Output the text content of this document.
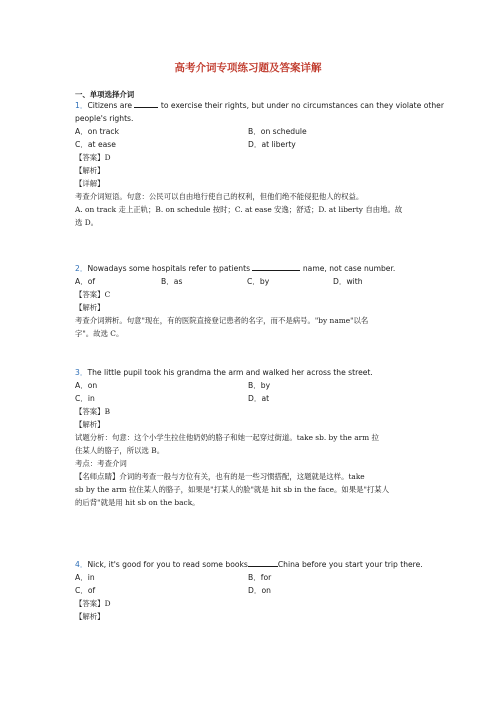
高考介词专项练习题及答案详解
一、单项选择介词
1．Citizens are	to exercise their rights, but under no circumstances can they violate other
people's rights.
A．on track	B．on schedule
C．at ease	D．at liberty
【答案】D
【解析】
【详解】
考查介词短语。句意：公民可以自由地行使自己的权利，但他们绝不能侵犯他人的权益。
A. on track 走上正轨；B. on schedule 按时；C. at ease 安逸；舒适；D. at liberty 自由地。故
选 D。
2．Nowadays some hospitals refer to patients	name, not case number.
A．of	B．as	C．by	D．with
【答案】C
【解析】
考查介词辨析。句意"现在，有的医院直接登记患者的名字，而不是病号。"by name"以名
字"。故选 C。
3．The little pupil took his grandma the arm and walked her across the street.
A．on	B．by
C．in	D．at
【答案】B
【解析】
试题分析：句意：这个小学生拉住他奶奶的胳子和她一起穿过街道。take sb. by the arm 拉
住某人的胳子，所以选 B。
考点：考查介词
【名师点睛】介词的考查一般与方位有关，也有的是一些习惯搭配，这题就是这样。take
sb by the arm 拉住某人的胳子，如果是"打某人的脸"就是 hit sb in the face。如果是"打某人
的后背"就是用 hit sb on the back。
4．Nick, it's good for you to read some books	China before you start your trip there.
A．in	B．for
C．of	D．on
【答案】D
【解析】
